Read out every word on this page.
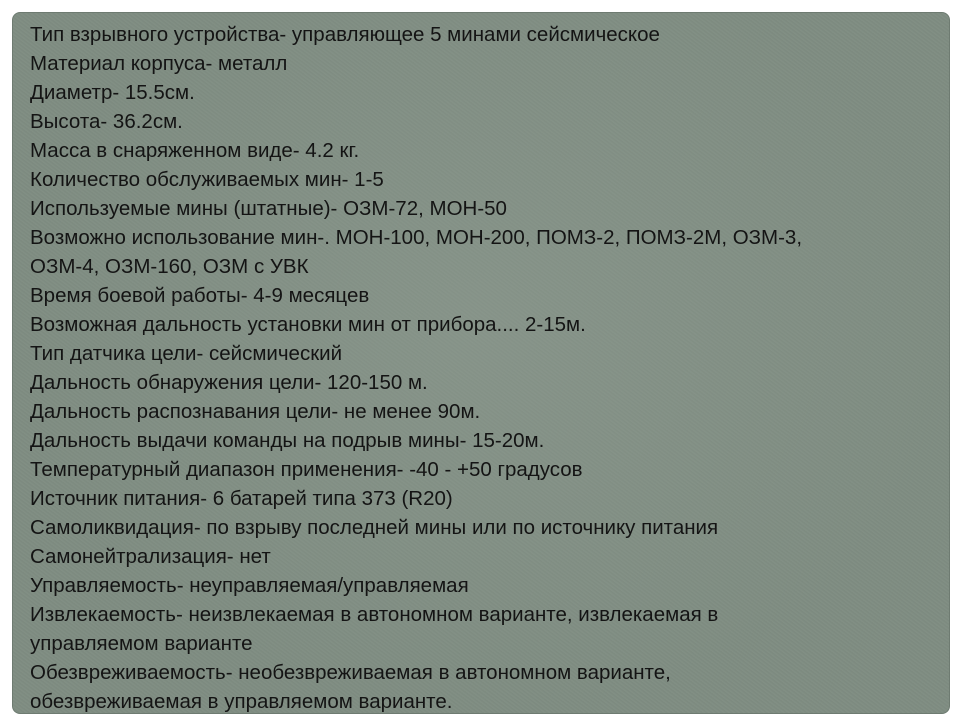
Тип взрывного устройства- управляющее 5 минами сейсмическое
Материал корпуса- металл
Диаметр- 15.5см.
Высота- 36.2см.
Масса в снаряженном виде- 4.2 кг.
Количество обслуживаемых мин- 1-5
Используемые мины (штатные)- ОЗМ-72, МОН-50
Возможно использование мин-. МОН-100, МОН-200, ПОМЗ-2, ПОМЗ-2М, ОЗМ-3,
ОЗМ-4, ОЗМ-160, ОЗМ с УВК
Время боевой работы- 4-9 месяцев
Возможная дальность установки мин от прибора.... 2-15м.
Тип датчика цели- сейсмический
Дальность обнаружения цели- 120-150 м.
Дальность распознавания цели- не менее 90м.
Дальность выдачи команды на подрыв мины- 15-20м.
Температурный диапазон применения- -40 - +50 градусов
Источник питания- 6 батарей типа 373 (R20)
Самоликвидация- по взрыву последней мины или по источнику питания
Самонейтрализация- нет
Управляемость- неуправляемая/управляемая
Извлекаемость- неизвлекаемая в автономном варианте, извлекаемая в
управляемом варианте
Обезвреживаемость- необезвреживаемая в автономном варианте,
обезвреживаемая в управляемом варианте.
